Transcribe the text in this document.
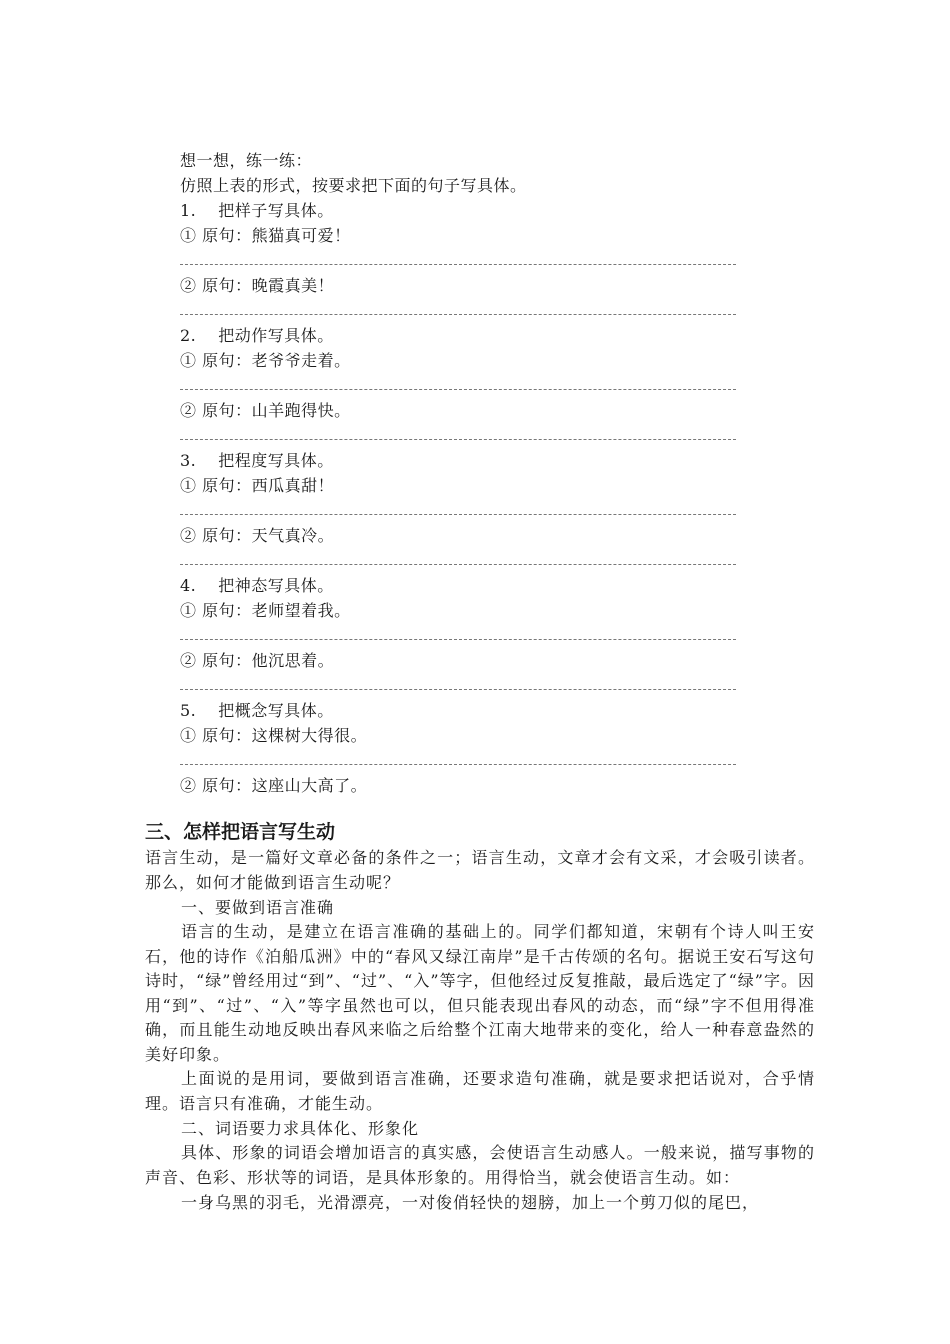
想一想，练一练：
仿照上表的形式，按要求把下面的句子写具体。
1. 把样子写具体。
① 原句：熊猫真可爱！
② 原句：晚霞真美！
2. 把动作写具体。
① 原句：老爷爷走着。
② 原句：山羊跑得快。
3. 把程度写具体。
① 原句：西瓜真甜！
② 原句：天气真冷。
4. 把神态写具体。
① 原句：老师望着我。
② 原句：他沉思着。
5. 把概念写具体。
① 原句：这棵树大得很。
② 原句：这座山大高了。
三、怎样把语言写生动
语言生动，是一篇好文章必备的条件之一；语言生动，文章才会有文采，才会吸引读者。那么，如何才能做到语言生动呢？
一、要做到语言准确
语言的生动，是建立在语言准确的基础上的。同学们都知道，宋朝有个诗人叫王安石，他的诗作《泊船瓜洲》中的“春风又绿江南岸”是千古传颂的名句。据说王安石写这句诗时，“绿”曾经用过“到”、“过”、“入”等字，但他经过反复推敲，最后选定了“绿”字。因用“到”、“过”、“入”等字虽然也可以，但只能表现出春风的动态，而“绿”字不但用得准确，而且能生动地反映出春风来临之后给整个江南大地带来的变化，给人一种春意盎然的美好印象。
上面说的是用词，要做到语言准确，还要求造句准确，就是要求把话说对，合乎情理。语言只有准确，才能生动。
二、词语要力求具体化、形象化
具体、形象的词语会增加语言的真实感，会使语言生动感人。一般来说，描写事物的声音、色彩、形状等的词语，是具体形象的。用得恰当，就会使语言生动。如：
一身乌黑的羽毛，光滑漂亮，一对俊俏轻快的翅膀，加上一个剪刀似的尾巴，
